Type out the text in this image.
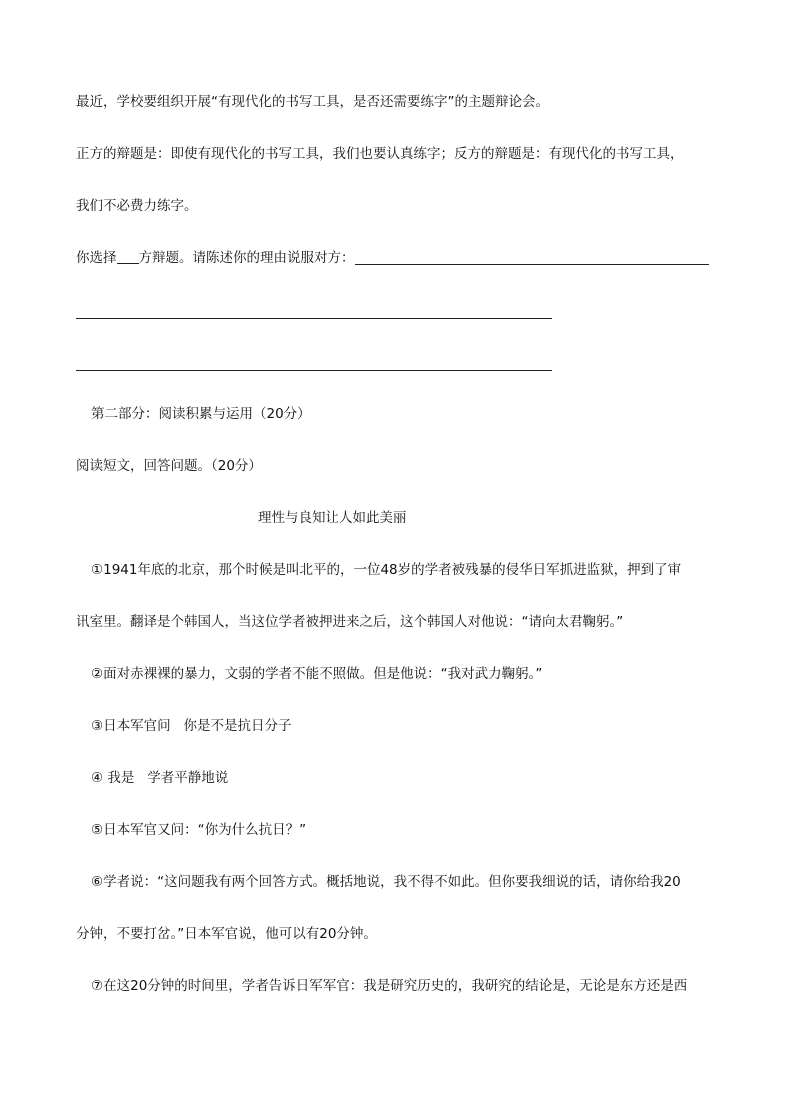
最近，学校要组织开展“有现代化的书写工具，是否还需要练字”的主题辩论会。
正方的辩题是：即使有现代化的书写工具，我们也要认真练字；反方的辩题是：有现代化的书写工具，
我们不必费力练字。
你选择 方辩题。请陈述你的理由说服对方：
第二部分：阅读积累与运用（20分）
阅读短文，回答问题。（20分）
理性与良知让人如此美丽
①1941年底的北京，那个时候是叫北平的，一位48岁的学者被残暴的侵华日军抓进监狱，押到了审
讯室里。翻译是个韩国人，当这位学者被押进来之后，这个韩国人对他说：“请向太君鞠躬。”
②面对赤裸裸的暴力，文弱的学者不能不照做。但是他说：“我对武力鞠躬。”
③日本军官问   你是不是抗日分子
④ 我是   学者平静地说
⑤日本军官又问：“你为什么抗日？”
⑥学者说：“这问题我有两个回答方式。概括地说，我不得不如此。但你要我细说的话，请你给我20
分钟，不要打岔。”日本军官说，他可以有20分钟。
⑦在这20分钟的时间里，学者告诉日军军官：我是研究历史的，我研究的结论是，无论是东方还是西
